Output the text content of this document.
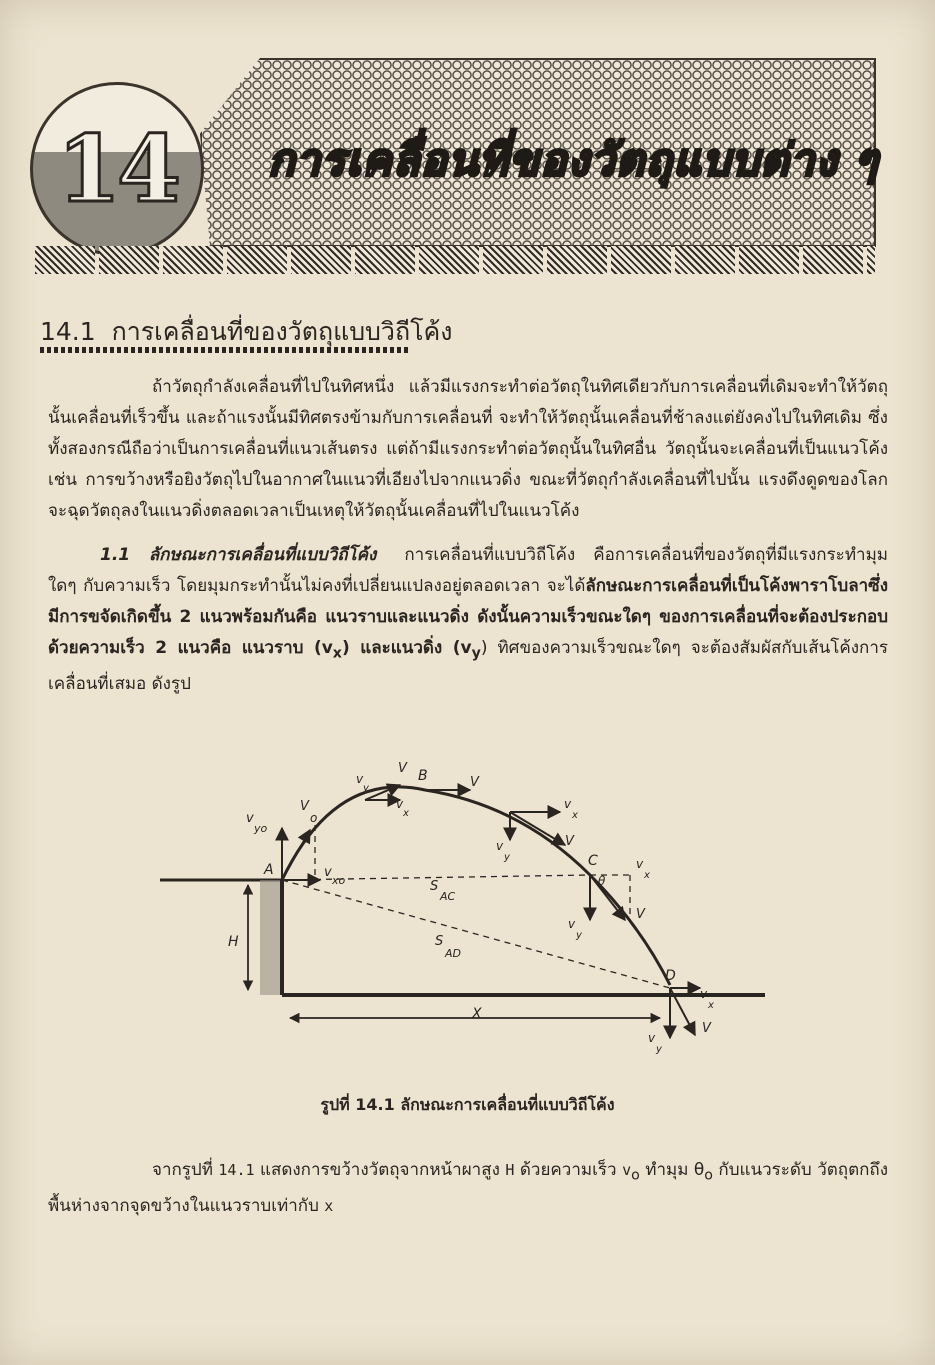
14	การเคลื่อนที่ของวัตถุแบบต่าง ๆ
14.1 การเคลื่อนที่ของวัตถุแบบวิถีโค้ง
ถ้าวัตถุกำลังเคลื่อนที่ไปในทิศหนึ่ง แล้วมีแรงกระทำต่อวัตถุในทิศเดียวกับการเคลื่อนที่เดิมจะทำให้วัตถุนั้นเคลื่อนที่เร็วขึ้น และถ้าแรงนั้นมีทิศตรงข้ามกับการเคลื่อนที่ จะทำให้วัตถุนั้นเคลื่อนที่ช้าลงแต่ยังคงไปในทิศเดิม ซึ่งทั้งสองกรณีถือว่าเป็นการเคลื่อนที่แนวเส้นตรง แต่ถ้ามีแรงกระทำต่อวัตถุนั้นในทิศอื่น วัตถุนั้นจะเคลื่อนที่เป็นแนวโค้ง เช่น การขว้างหรือยิงวัตถุไปในอากาศในแนวที่เอียงไปจากแนวดิ่ง ขณะที่วัตถุกำลังเคลื่อนที่ไปนั้น แรงดึงดูดของโลกจะฉุดวัตถุลงในแนวดิ่งตลอดเวลาเป็นเหตุให้วัตถุนั้นเคลื่อนที่ไปในแนวโค้ง
1.1 ลักษณะการเคลื่อนที่แบบวิถีโค้ง การเคลื่อนที่แบบวิถีโค้ง คือการเคลื่อนที่ของวัตถุที่มีแรงกระทำมุมใดๆ กับความเร็ว โดยมุมกระทำนั้นไม่คงที่เปลี่ยนแปลงอยู่ตลอดเวลา จะได้ลักษณะการเคลื่อนที่เป็นโค้งพาราโบลาซึ่งมีการขจัดเกิดขึ้น 2 แนวพร้อมกันคือ แนวราบและแนวดิ่ง ดังนั้นความเร็วขณะใดๆ ของการเคลื่อนที่จะต้องประกอบด้วยความเร็ว 2 แนวคือ แนวราบ $(v_x)$ และแนวดิ่ง $(v_y)$ ทิศของความเร็วขณะใดๆ จะต้องสัมผัสกับเส้นโค้งการเคลื่อนที่เสมอ ดังรูป
A
B
C
D
H
X
θ
o
V
V
V
V
V
V
v
yo
v
xo	S
AC
S
AD
v
y
v
x
v
x
v
y	v
x
v
y
v
x
v
y
รูปที่ 14.1 ลักษณะการเคลื่อนที่แบบวิถีโค้ง
จากรูปที่ 14.1 แสดงการขว้างวัตถุจากหน้าผาสูง H ด้วยความเร็ว $v_o$ ทำมุม $\theta_o$ กับแนวระดับ วัตถุตกถึงพื้นห่างจากจุดขว้างในแนวราบเท่ากับ x
